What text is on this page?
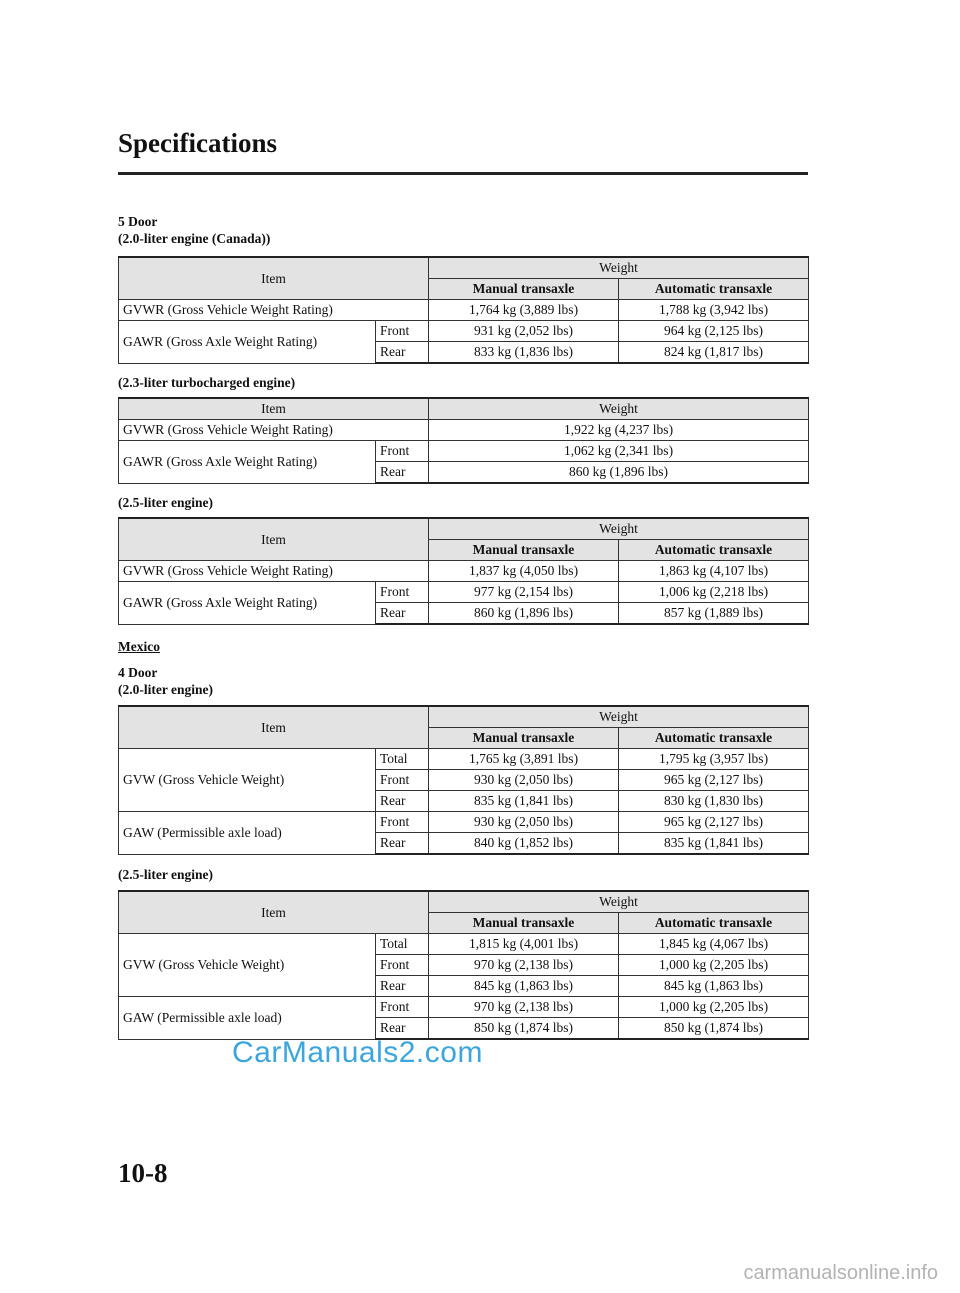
Specifications
5 Door
(2.0-liter engine (Canada))
Item		Weight	
		Manual transaxle	Automatic transaxle
GVWR (Gross Vehicle Weight Rating)		1,764 kg (3,889 lbs)	1,788 kg (3,942 lbs)
GAWR (Gross Axle Weight Rating)	Front	931 kg (2,052 lbs)	964 kg (2,125 lbs)
	Rear	833 kg (1,836 lbs)	824 kg (1,817 lbs)
(2.3-liter turbocharged engine)
Item		Weight
GVWR (Gross Vehicle Weight Rating)		1,922 kg (4,237 lbs)
GAWR (Gross Axle Weight Rating)	Front	1,062 kg (2,341 lbs)
	Rear	860 kg (1,896 lbs)
(2.5-liter engine)
Item		Weight	
		Manual transaxle	Automatic transaxle
GVWR (Gross Vehicle Weight Rating)		1,837 kg (4,050 lbs)	1,863 kg (4,107 lbs)
GAWR (Gross Axle Weight Rating)	Front	977 kg (2,154 lbs)	1,006 kg (2,218 lbs)
	Rear	860 kg (1,896 lbs)	857 kg (1,889 lbs)
Mexico
4 Door
(2.0-liter engine)
Item		Weight	
		Manual transaxle	Automatic transaxle
GVW (Gross Vehicle Weight)	Total	1,765 kg (3,891 lbs)	1,795 kg (3,957 lbs)
	Front	930 kg (2,050 lbs)	965 kg (2,127 lbs)
	Rear	835 kg (1,841 lbs)	830 kg (1,830 lbs)
GAW (Permissible axle load)	Front	930 kg (2,050 lbs)	965 kg (2,127 lbs)
	Rear	840 kg (1,852 lbs)	835 kg (1,841 lbs)
(2.5-liter engine)
Item		Weight	
		Manual transaxle	Automatic transaxle
GVW (Gross Vehicle Weight)	Total	1,815 kg (4,001 lbs)	1,845 kg (4,067 lbs)
	Front	970 kg (2,138 lbs)	1,000 kg (2,205 lbs)
	Rear	845 kg (1,863 lbs)	845 kg (1,863 lbs)
GAW (Permissible axle load)	Front	970 kg (2,138 lbs)	1,000 kg (2,205 lbs)
	Rear	850 kg (1,874 lbs)	850 kg (1,874 lbs)
CarManuals2.com
10-8
carmanualsonline.info
